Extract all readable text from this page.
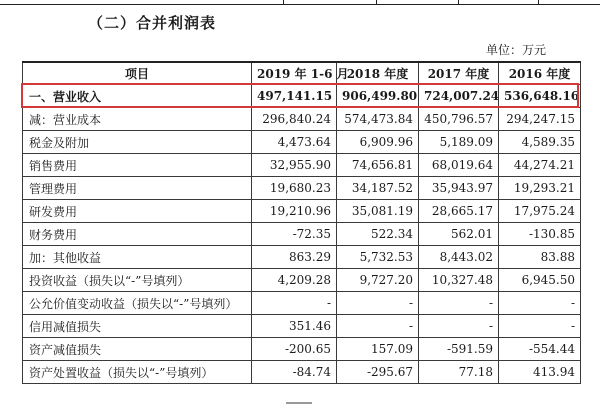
（二）合并利润表
单位：万元
项目	2019 年 1-6 月	2018 年度	2017 年度	2016 年度
一、营业收入	497,141.15	906,499.80	724,007.24	536,648.16
减：营业成本	296,840.24	574,473.84	450,796.57	294,247.15
税金及附加	4,473.64	6,909.96	5,189.09	4,589.35
销售费用	32,955.90	74,656.81	68,019.64	44,274.21
管理费用	19,680.23	34,187.52	35,943.97	19,293.21
研发费用	19,210.96	35,081.19	28,665.17	17,975.24
财务费用	-72.35	522.34	562.01	-130.85
加：其他收益	863.29	5,732.53	8,443.02	83.88
投资收益（损失以“-”号填列）	4,209.28	9,727.20	10,327.48	6,945.50
公允价值变动收益（损失以“-”号填列）	-	-	-	-
信用减值损失	351.46	-	-	-
资产减值损失	-200.65	157.09	-591.59	-554.44
资产处置收益（损失以“-”号填列）	-84.74	-295.67	77.18	413.94
